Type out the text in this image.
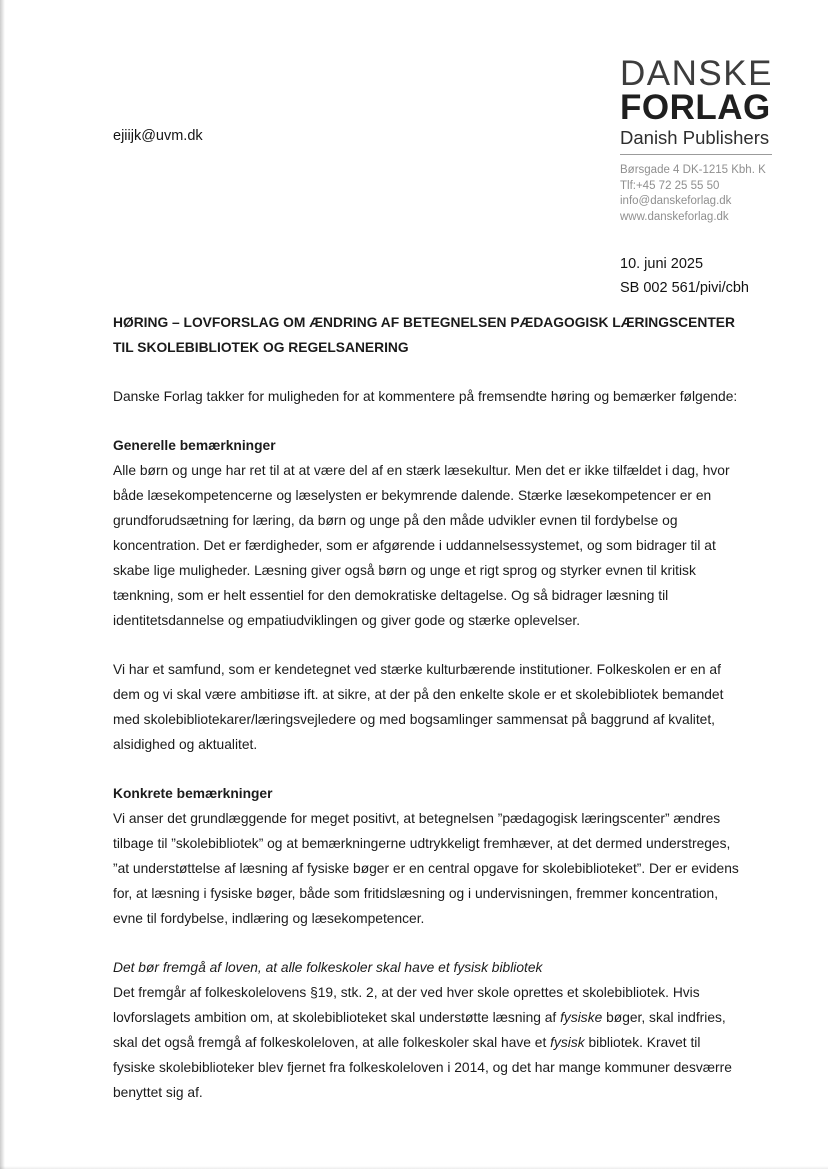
ejiijk@uvm.dk
DANSKE
FORLAG
Danish Publishers
Børsgade 4 DK-1215 Kbh. K
Tlf:+45 72 25 55 50
info@danskeforlag.dk
www.danskeforlag.dk
10. juni 2025
SB 002 561/pivi/cbh
HØRING – LOVFORSLAG OM ÆNDRING AF BETEGNELSEN PÆDAGOGISK LÆRINGSCENTER TIL SKOLEBIBLIOTEK OG REGELSANERING

Danske Forlag takker for muligheden for at kommentere på fremsendte høring og bemærker følgende:

Generelle bemærkninger

Alle børn og unge har ret til at at være del af en stærk læsekultur. Men det er ikke tilfældet i dag, hvor både læsekompetencerne og læselysten er bekymrende dalende. Stærke læsekompetencer er en grundforudsætning for læring, da børn og unge på den måde udvikler evnen til fordybelse og koncentration. Det er færdigheder, som er afgørende i uddannelsessystemet, og som bidrager til at skabe lige muligheder. Læsning giver også børn og unge et rigt sprog og styrker evnen til kritisk tænkning, som er helt essentiel for den demokratiske deltagelse. Og så bidrager læsning til identitetsdannelse og empatiudviklingen og giver gode og stærke oplevelser.

Vi har et samfund, som er kendetegnet ved stærke kulturbærende institutioner. Folkeskolen er en af dem og vi skal være ambitiøse ift. at sikre, at der på den enkelte skole er et skolebibliotek bemandet med skolebibliotekarer/læringsvejledere og med bogsamlinger sammensat på baggrund af kvalitet, alsidighed og aktualitet.

Konkrete bemærkninger

Vi anser det grundlæggende for meget positivt, at betegnelsen ”pædagogisk læringscenter” ændres tilbage til ”skolebibliotek” og at bemærkningerne udtrykkeligt fremhæver, at det dermed understreges, ”at understøttelse af læsning af fysiske bøger er en central opgave for skolebiblioteket”. Der er evidens for, at læsning i fysiske bøger, både som fritidslæsning og i undervisningen, fremmer koncentration, evne til fordybelse, indlæring og læsekompetencer.

Det bør fremgå af loven, at alle folkeskoler skal have et fysisk bibliotek

Det fremgår af folkeskolelovens §19, stk. 2, at der ved hver skole oprettes et skolebibliotek. Hvis lovforslagets ambition om, at skolebiblioteket skal understøtte læsning af fysiske bøger, skal indfries, skal det også fremgå af folkeskoleloven, at alle folkeskoler skal have et fysisk bibliotek. Kravet til fysiske skolebiblioteker blev fjernet fra folkeskoleloven i 2014, og det har mange kommuner desværre benyttet sig af.
